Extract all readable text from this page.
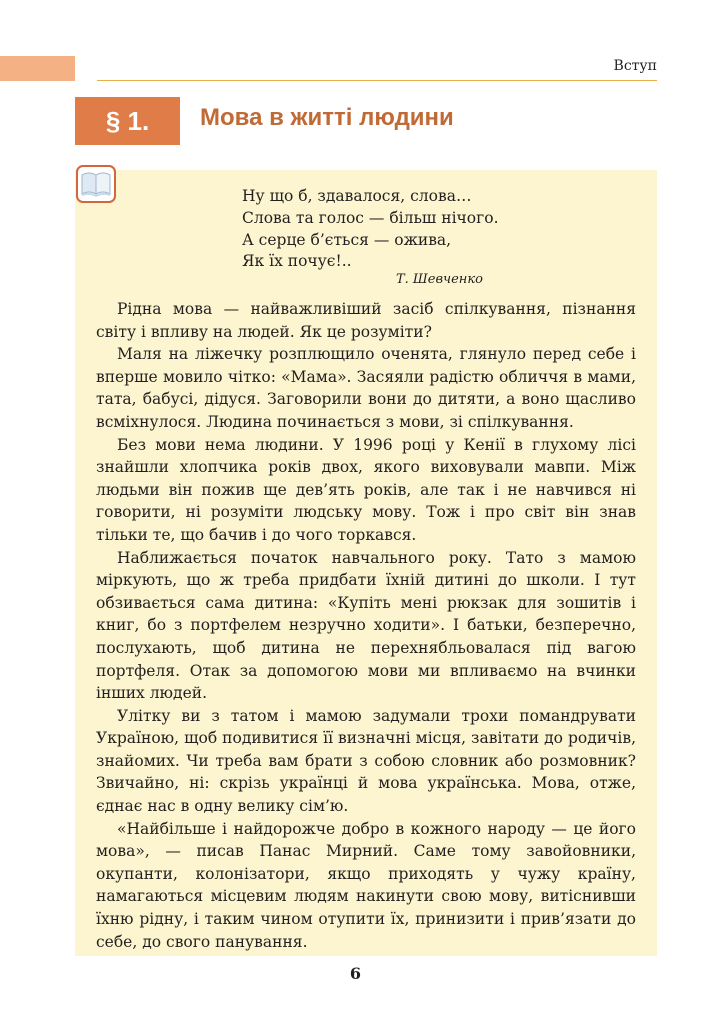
Вступ
§ 1.	Мова в житті людини
Ну що б, здавалося, слова…
Слова та голос — більш нічого.
А серце б’ється — ожива,
Як їх почує!..
Т. Шевченко

Рідна мова — найважливіший засіб спілкування, пізнання світу і впливу на людей. Як це розуміти?

Маля на ліжечку розплющило оченята, глянуло перед себе і вперше мовило чітко: «Мама». Засяяли радістю обличчя в мами, тата, бабусі, дідуся. Заговорили вони до дитяти, а воно щасливо всміхнулося. Людина починається з мови, зі спілкування.

Без мови нема людини. У 1996 році у Кенії в глухому лісі знайшли хлопчика років двох, якого виховували мавпи. Між людьми він пожив ще дев’ять років, але так і не навчився ні говорити, ні розуміти людську мову. Тож і про світ він знав тільки те, що бачив і до чого торкався.

Наближається початок навчального року. Тато з мамою міркують, що ж треба придбати їхній дитині до школи. І тут обзивається сама дитина: «Купіть мені рюкзак для зошитів і книг, бо з портфелем незручно ходити». І батьки, безперечно, послухають, щоб дитина не перехнябльовалася під вагою портфеля. Отак за допомогою мови ми впливаємо на вчинки інших людей.

Улітку ви з татом і мамою задумали трохи помандрувати Україною, щоб подивитися її визначні місця, завітати до родичів, знайомих. Чи треба вам брати з собою словник або розмовник? Звичайно, ні: скрізь українці й мова українська. Мова, отже, єднає нас в одну велику сім’ю.

«Найбільше і найдорожче добро в кожного народу — це його мова», — писав Панас Мирний. Саме тому завойовники, окупанти, колонізатори, якщо приходять у чужу країну, намагаються місцевим людям накинути свою мову, витіснивши їхню рідну, і таким чином отупити їх, принизити і прив’язати до себе, до свого панування.

6
